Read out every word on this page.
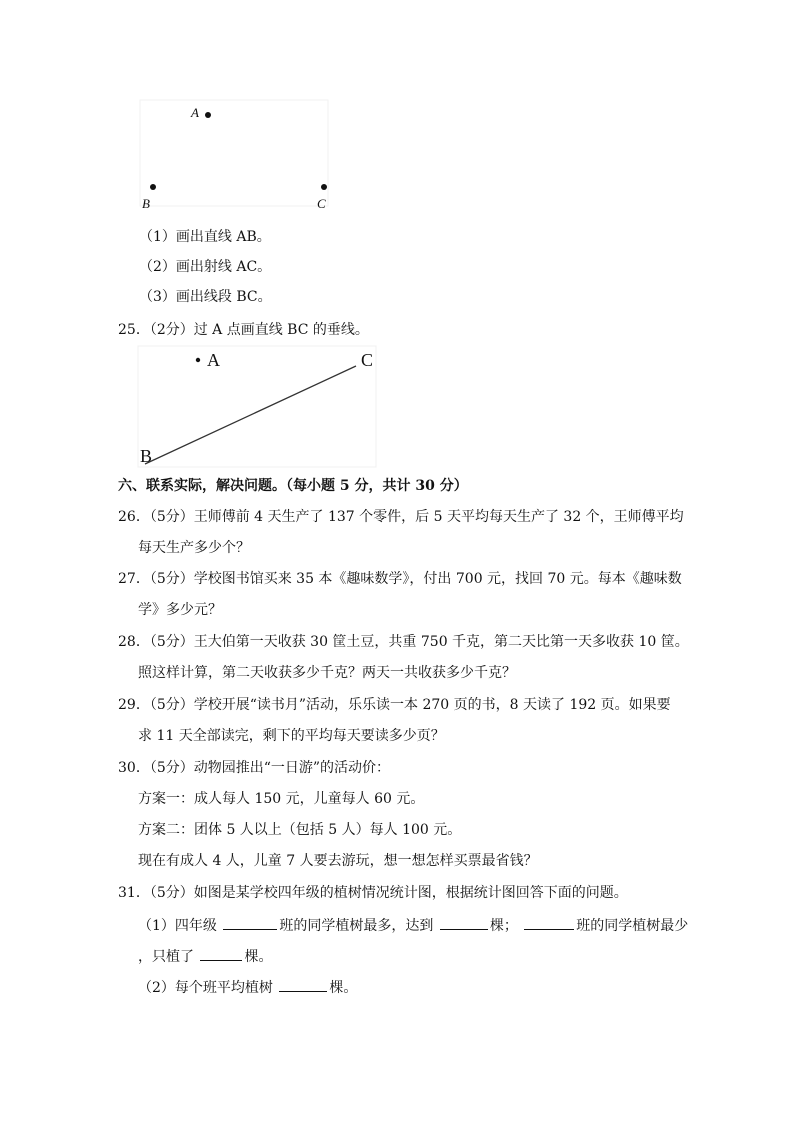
A
B	C
（1）画出直线 AB。
（2）画出射线 AC。
（3）画出线段 BC。
25．（2分）过 A 点画直线 BC 的垂线。
A
B
C
六、联系实际，解决问题。（每小题 5 分，共计 30 分）
26．（5分）王师傅前 4 天生产了 137 个零件，后 5 天平均每天生产了 32 个，王师傅平均
每天生产多少个？
27．（5分）学校图书馆买来 35 本《趣味数学》，付出 700 元，找回 70 元。每本《趣味数
学》多少元？
28．（5分）王大伯第一天收获 30 筐土豆，共重 750 千克，第二天比第一天多收获 10 筐。
照这样计算，第二天收获多少千克？两天一共收获多少千克？
29．（5分）学校开展“读书月”活动，乐乐读一本 270 页的书，8 天读了 192 页。如果要
求 11 天全部读完，剩下的平均每天要读多少页？
30．（5分）动物园推出“一日游”的活动价：
方案一：成人每人 150 元，儿童每人 60 元。
方案二：团体 5 人以上（包括 5 人）每人 100 元。
现在有成人 4 人，儿童 7 人要去游玩，想一想怎样买票最省钱？
31．（5分）如图是某学校四年级的植树情况统计图，根据统计图回答下面的问题。
（1）四年级	班的同学植树最多，达到	棵；	班的同学植树最少
，只植了	棵。
（2）每个班平均植树	棵。
